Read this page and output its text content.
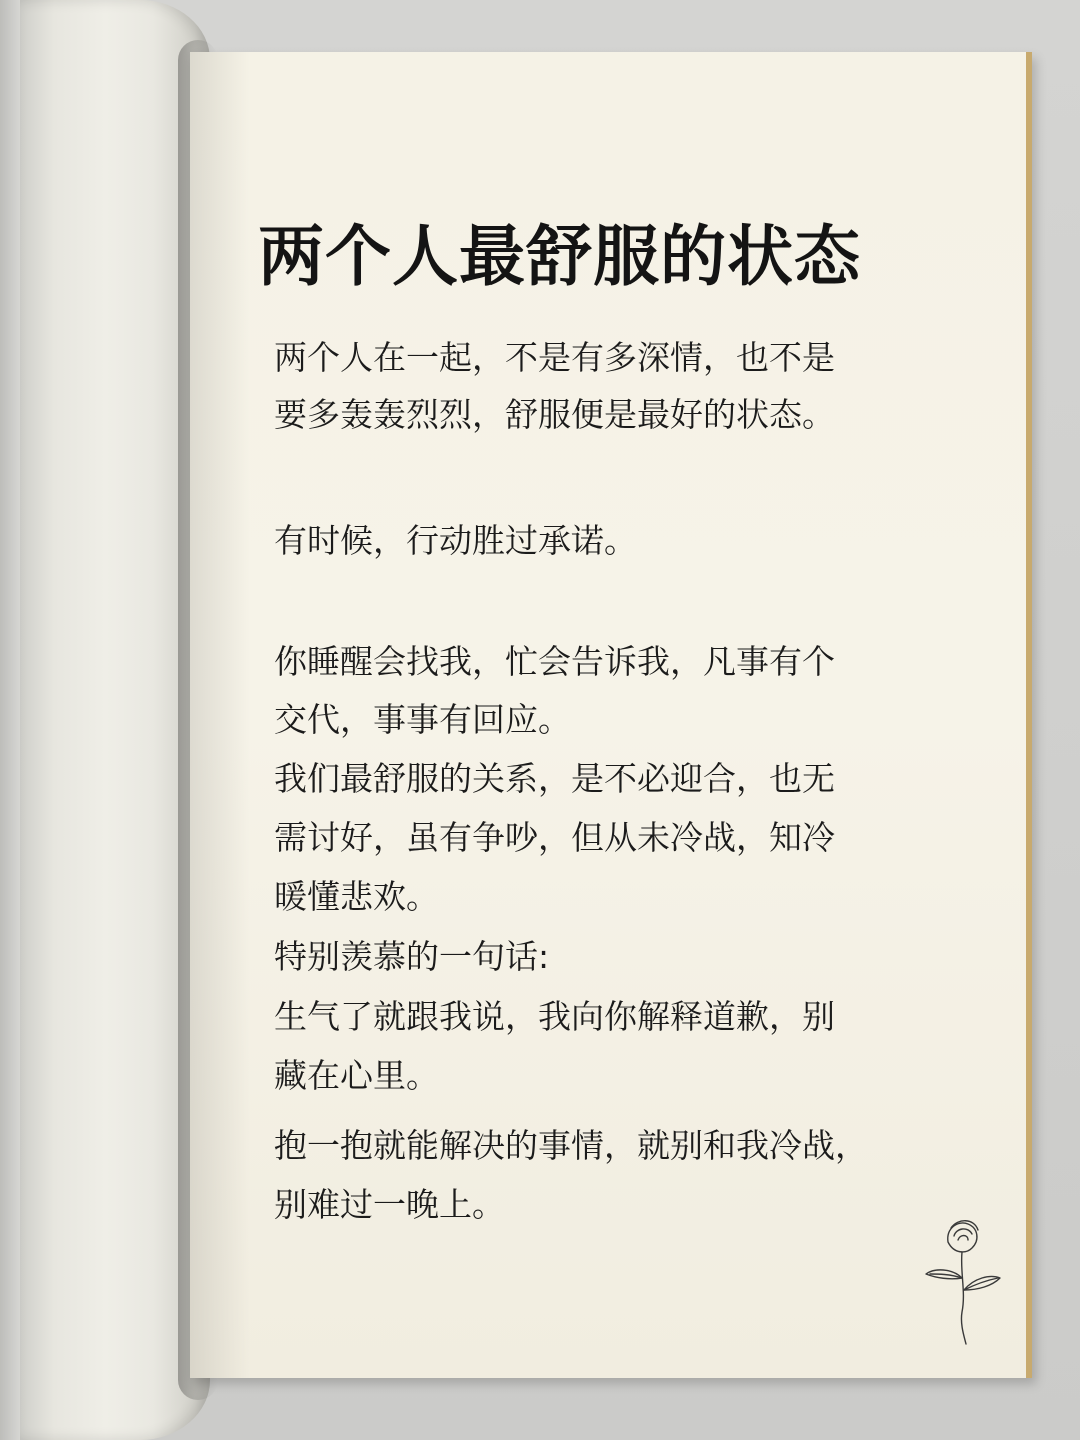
两个人最舒服的状态

两个人在一起，不是有多深情，也不是

要多轰轰烈烈，舒服便是最好的状态。

有时候，行动胜过承诺。

你睡醒会找我，忙会告诉我，凡事有个

交代，事事有回应。

我们最舒服的关系，是不必迎合，也无

需讨好，虽有争吵，但从未冷战，知冷

暖懂悲欢。

特别羡慕的一句话:

生气了就跟我说，我向你解释道歉，别

藏在心里。

抱一抱就能解决的事情，就别和我冷战，

别难过一晚上。
